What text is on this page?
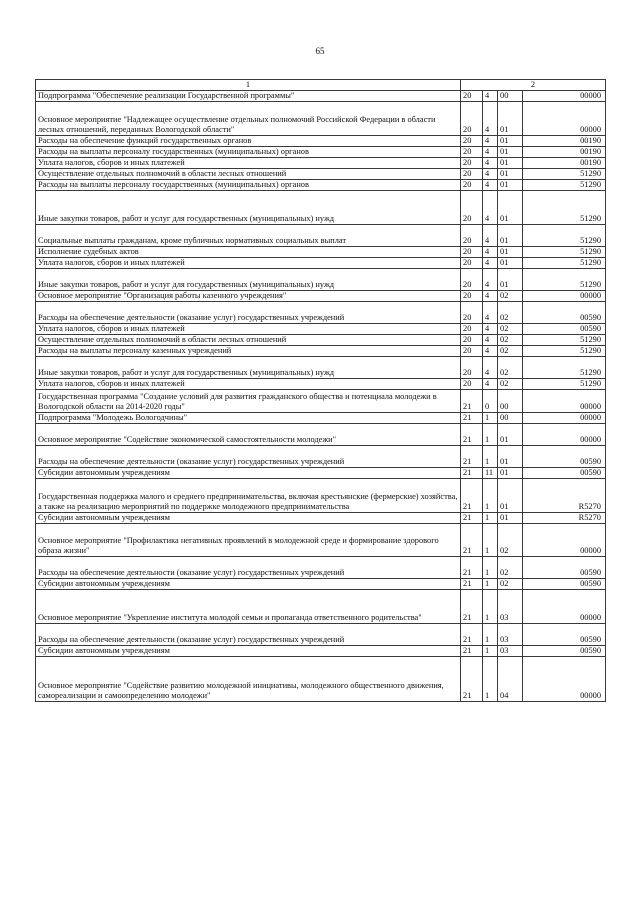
65
1	2			
Подпрограмма "Обеспечение реализации Государственной программы"	20	4	00	00000
Основное мероприятие "Надлежащее осуществление отдельных полномочий Российской Федерации в области лесных отношений, переданных Вологодской области"	20	4	01	00000
Расходы на обеспечение функций государственных органов	20	4	01	00190
Расходы на выплаты персоналу государственных (муниципальных) органов	20	4	01	00190
Уплата налогов, сборов и иных платежей	20	4	01	00190
Осуществление отдельных полномочий в области лесных отношений	20	4	01	51290
Расходы на выплаты персоналу государственных (муниципальных) органов	20	4	01	51290
Иные закупки товаров, работ и услуг для государственных (муниципальных) нужд	20	4	01	51290
Социальные выплаты гражданам, кроме публичных нормативных социальных выплат	20	4	01	51290
Исполнение судебных актов	20	4	01	51290
Уплата налогов, сборов и иных платежей	20	4	01	51290
Иные закупки товаров, работ и услуг для государственных (муниципальных) нужд	20	4	01	51290
Основное мероприятие "Организация работы казенного учреждения"	20	4	02	00000
Расходы на обеспечение деятельности (оказание услуг) государственных учреждений	20	4	02	00590
Уплата налогов, сборов и иных платежей	20	4	02	00590
Осуществление отдельных полномочий в области лесных отношений	20	4	02	51290
Расходы на выплаты персоналу казенных учреждений	20	4	02	51290
Иные закупки товаров, работ и услуг для государственных (муниципальных) нужд	20	4	02	51290
Уплата налогов, сборов и иных платежей	20	4	02	51290
Государственная программа "Создание условий для развития гражданского общества и потенциала молодежи в Вологодской области на 2014-2020 годы"	21	0	00	00000
Подпрограмма "Молодежь Вологодчины"	21	1	00	00000
Основное мероприятие "Содействие экономической самостоятельности молодежи"	21	1	01	00000
Расходы на обеспечение деятельности (оказание услуг) государственных учреждений	21	1	01	00590
Субсидии автономным учреждениям	21	11	01	00590
Государственная поддержка малого и среднего предпринимательства, включая крестьянские (фермерские) хозяйства, а также на реализацию мероприятий по поддержке молодежного предпринимательства	21	1	01	R5270
Субсидии автономным учреждениям	21	1	01	R5270
Основное мероприятие "Профилактика негативных проявлений в молодежной среде и формирование здорового образа жизни"	21	1	02	00000
Расходы на обеспечение деятельности (оказание услуг) государственных учреждений	21	1	02	00590
Субсидии автономным учреждениям	21	1	02	00590
Основное мероприятие "Укрепление института молодой семьи и пропаганда ответственного родительства"	21	1	03	00000
Расходы на обеспечение деятельности (оказание услуг) государственных учреждений	21	1	03	00590
Субсидии автономным учреждениям	21	1	03	00590
Основное мероприятие "Содействие развитию молодежной инициативы, молодежного общественного движения, самореализации и самоопределению молодежи"	21	1	04	00000
